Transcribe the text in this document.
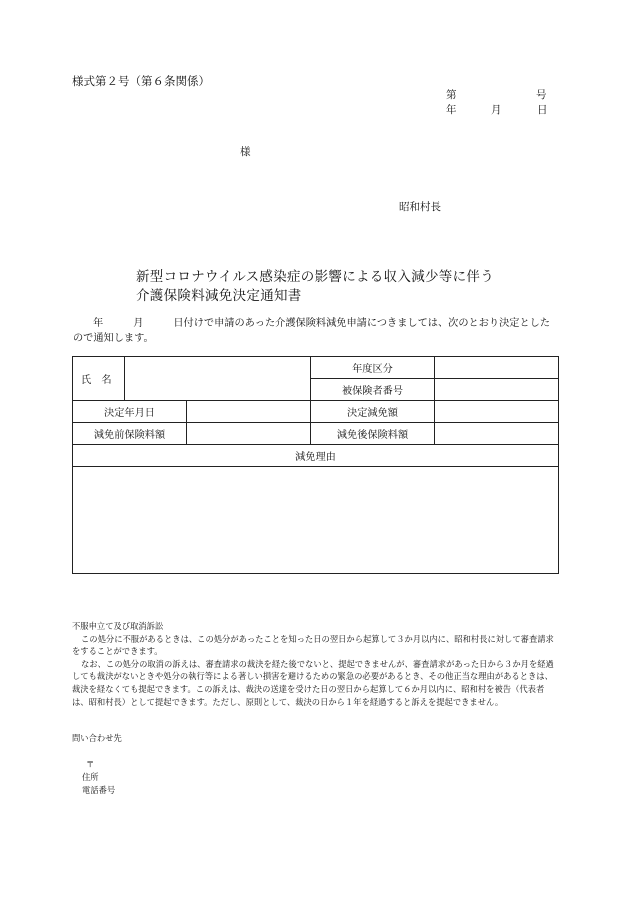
様式第２号（第６条関係）
第	号
年	月	日
様
昭和村長
新型コロナウイルス感染症の影響による収入減少等に伴う
介護保険料減免決定通知書
年	月	日付けで申請のあった介護保険料減免申請につきましては、次のとおり決定としたので通知します。
氏　名			年度区分	
			被保険者番号	
決定年月日			決定減免額	
減免前保険料額			減免後保険料額	
減免理由				

不服申立て及び取消訴訟

この処分に不服があるときは、この処分があったことを知った日の翌日から起算して３か月以内に、昭和村長に対して審査請求をすることができます。

なお、この処分の取消の訴えは、審査請求の裁決を経た後でないと、提起できませんが、審査請求があった日から３か月を経過しても裁決がないときや処分の執行等による著しい損害を避けるための緊急の必要があるとき、その他正当な理由があるときは、裁決を経なくても提起できます。この訴えは、裁決の送達を受けた日の翌日から起算して６か月以内に、昭和村を被告（代表者は、昭和村長）として提起できます。ただし、原則として、裁決の日から１年を経過すると訴えを提起できません。

問い合わせ先
〒
住所
電話番号
